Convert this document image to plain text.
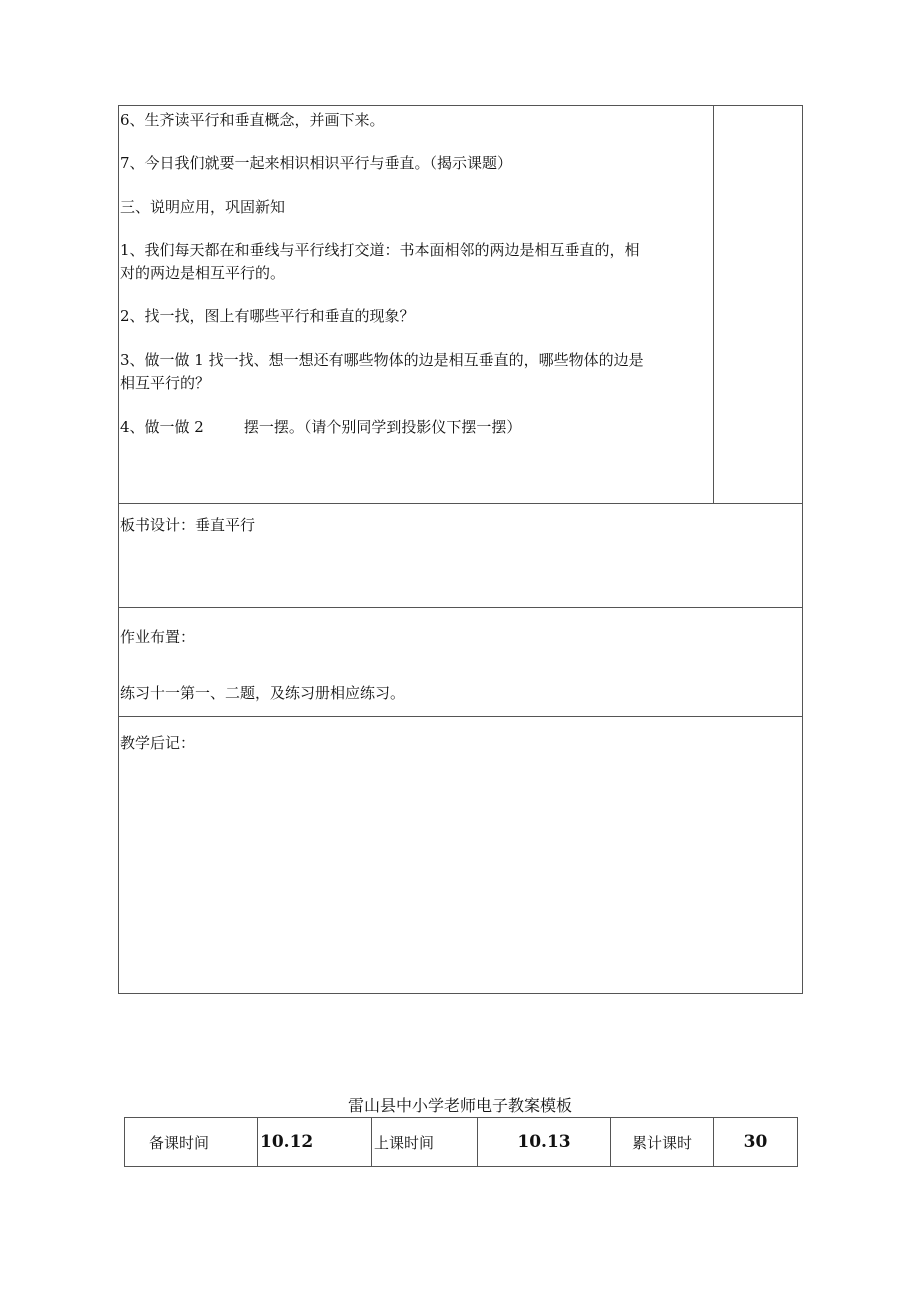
6、生齐读平行和垂直概念，并画下来。
7、今日我们就要一起来相识相识平行与垂直。（揭示课题）
三、说明应用，巩固新知
1、我们每天都在和垂线与平行线打交道：书本面相邻的两边是相互垂直的，相
对的两边是相互平行的。
2、找一找，图上有哪些平行和垂直的现象？
3、做一做 1 找一找、想一想还有哪些物体的边是相互垂直的，哪些物体的边是
相互平行的？
4、做一做 2	摆一摆。（请个别同学到投影仪下摆一摆）
板书设计：垂直平行
作业布置：
练习十一第一、二题，及练习册相应练习。
教学后记：
雷山县中小学老师电子教案模板
备课时间	10.12	上课时间	10.13	累计课时	30
